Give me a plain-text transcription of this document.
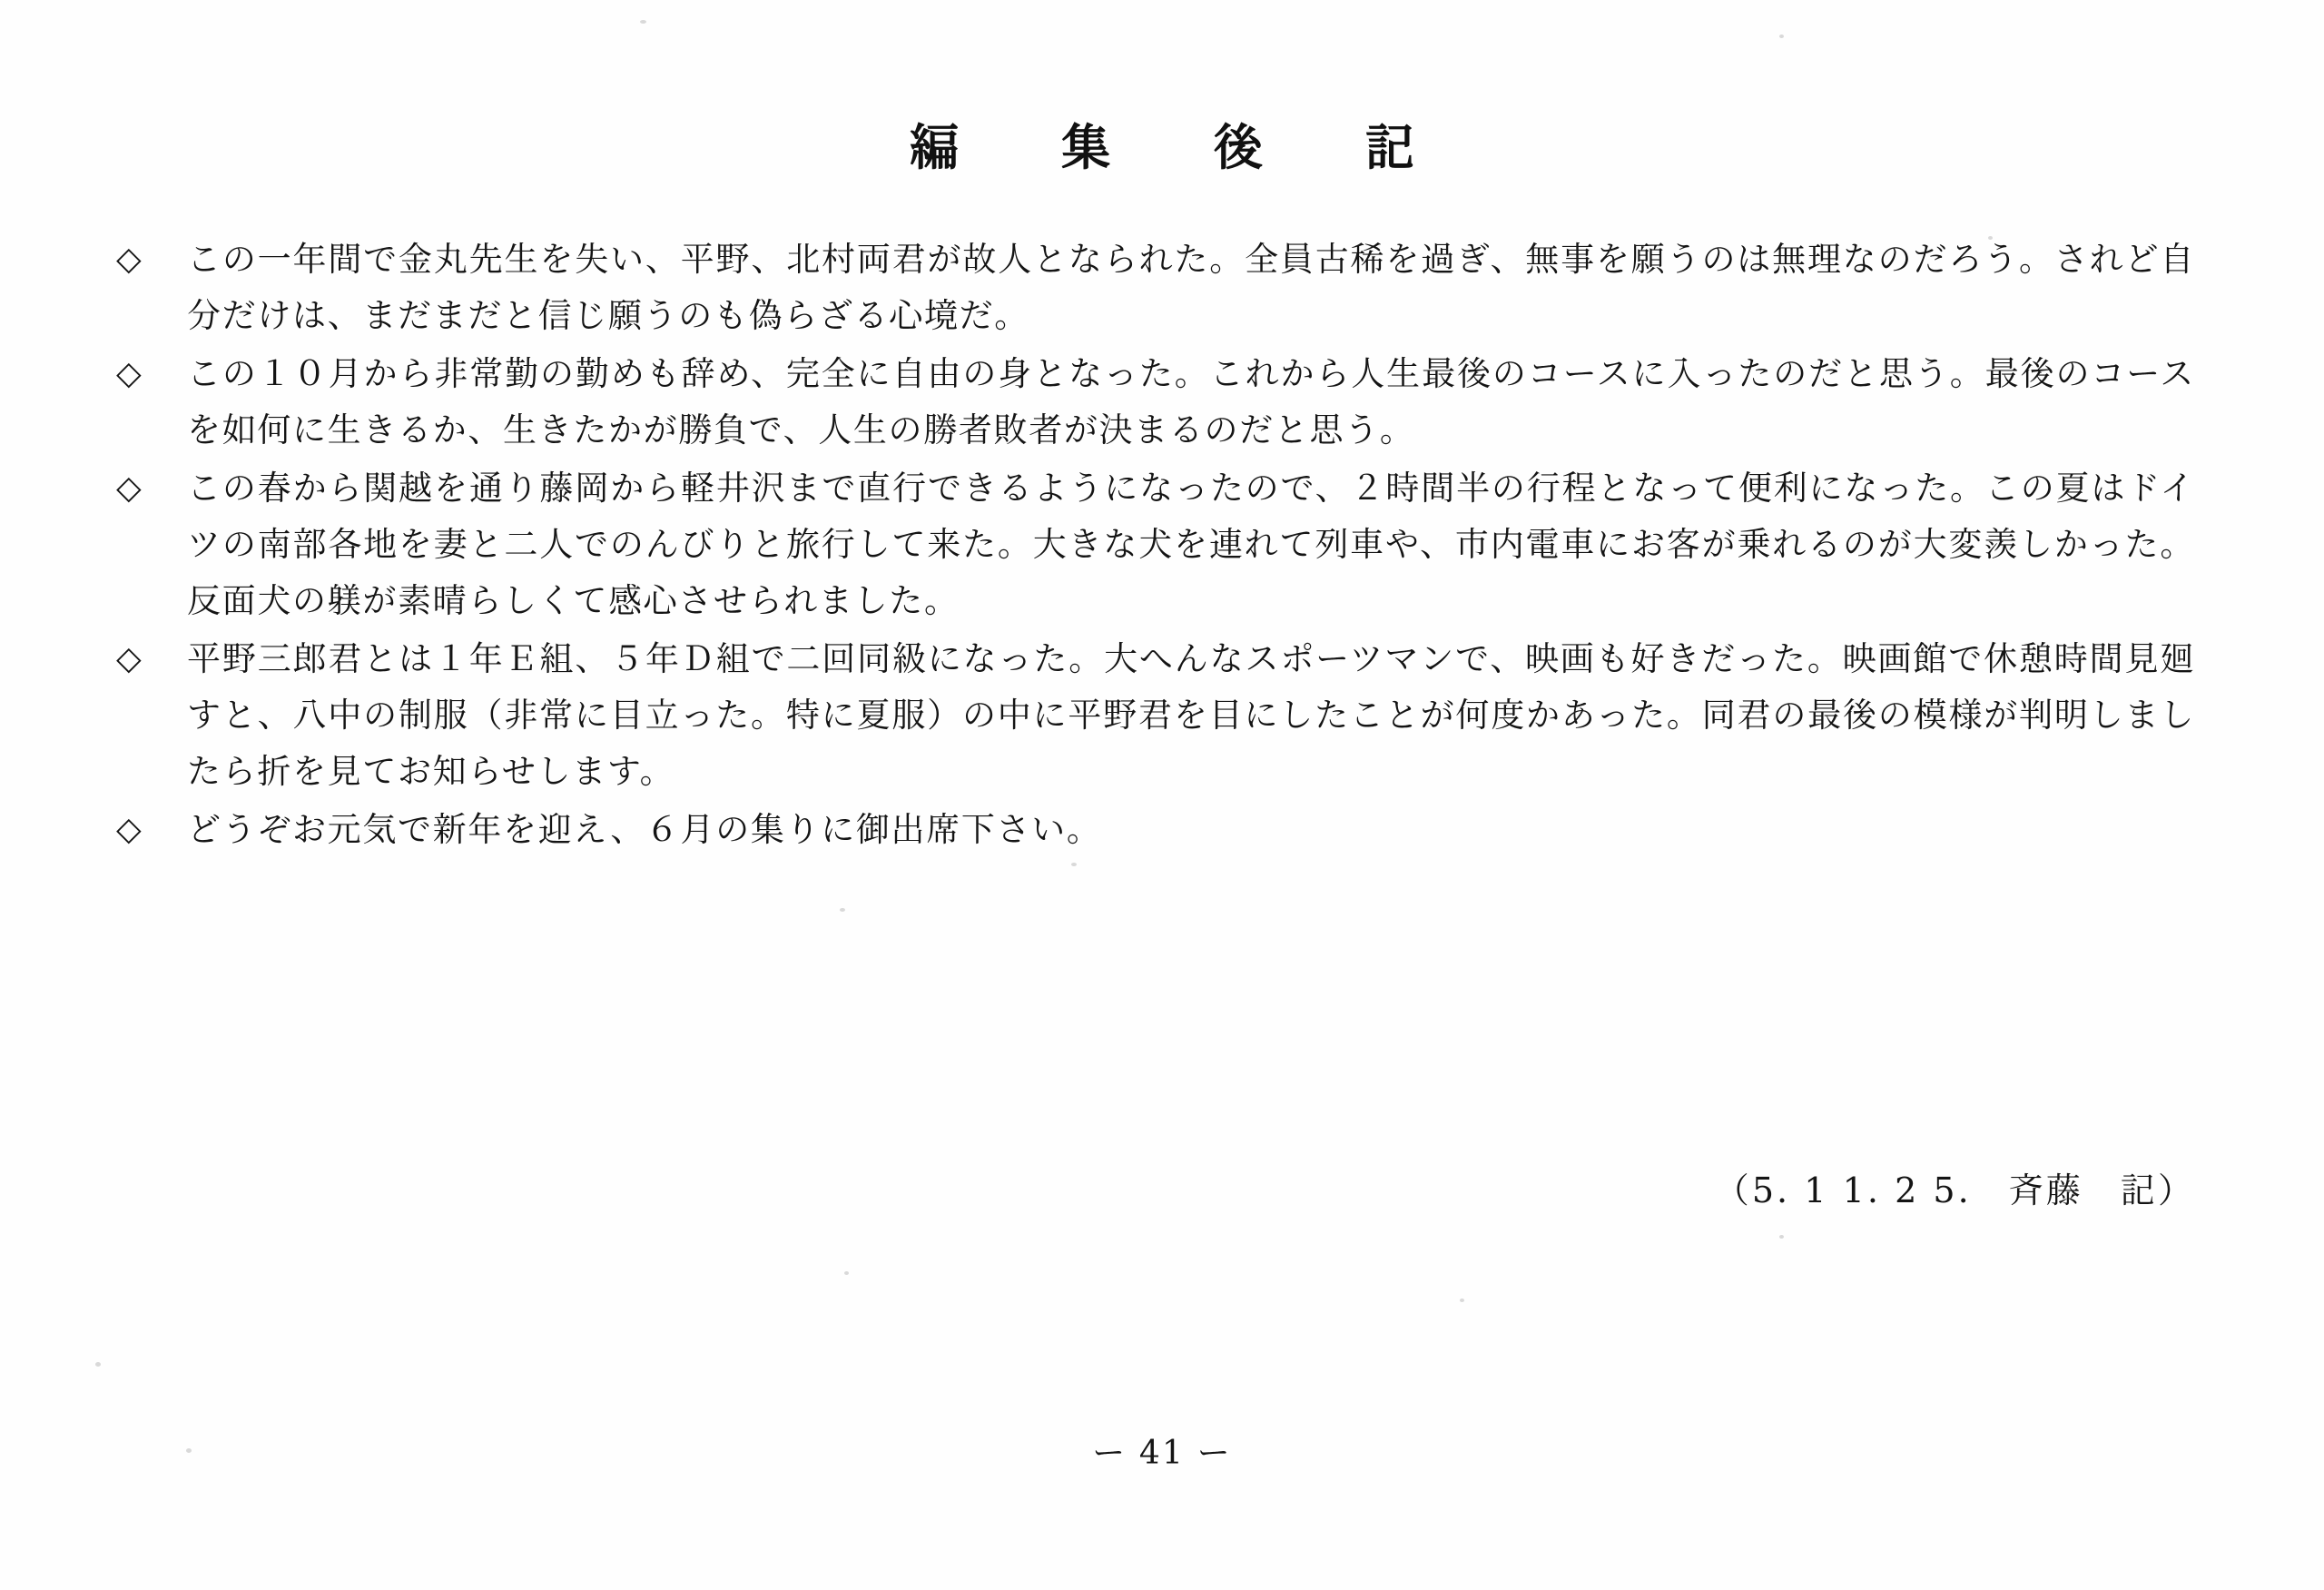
編　集　後　記

◇ この一年間で金丸先生を失い、平野、北村両君が故人となられた。全員古稀を過ぎ、無事を願うのは無理なのだろう。されど自分だけは、まだまだと信じ願うのも偽らざる心境だ。

◇ この１０月から非常勤の勤めも辞め、完全に自由の身となった。これから人生最後のコースに入ったのだと思う。最後のコースを如何に生きるか、生きたかが勝負で、人生の勝者敗者が決まるのだと思う。

◇ この春から関越を通り藤岡から軽井沢まで直行できるようになったので、２時間半の行程となって便利になった。この夏はドイツの南部各地を妻と二人でのんびりと旅行して来た。大きな犬を連れて列車や、市内電車にお客が乗れるのが大変羨しかった。反面犬の躾が素晴らしくて感心させられました。

◇ 平野三郎君とは１年Ｅ組、５年Ｄ組で二回同級になった。大へんなスポーツマンで、映画も好きだった。映画館で休憩時間見廻すと、八中の制服（非常に目立った。特に夏服）の中に平野君を目にしたことが何度かあった。同君の最後の模様が判明しましたら折を見てお知らせします。

◇ どうぞお元気で新年を迎え、６月の集りに御出席下さい。

（5. 1 1. 2 5.　斉藤　記）
ー 41 ー
